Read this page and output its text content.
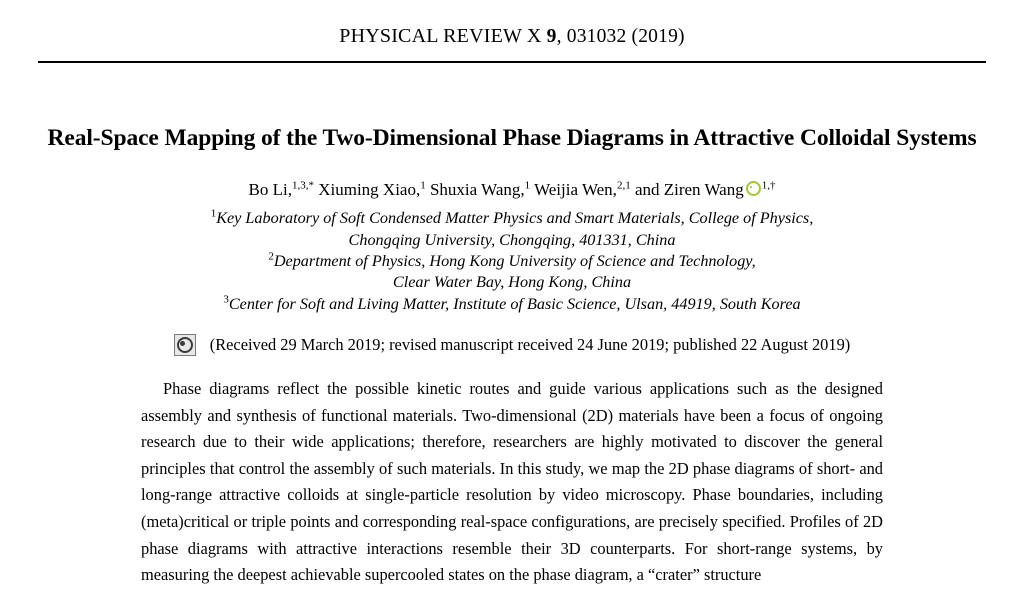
PHYSICAL REVIEW X 9, 031032 (2019)
Real-Space Mapping of the Two-Dimensional Phase Diagrams in Attractive Colloidal Systems
Bo Li,$^{1,3,*}$ Xiuming Xiao,$^1$ Shuxia Wang,$^1$ Weijia Wen,$^{2,1}$ and Ziren Wang $^{1,\dagger}$
$^1$Key Laboratory of Soft Condensed Matter Physics and Smart Materials, College of Physics,
Chongqing University, Chongqing, 401331, China
$^2$Department of Physics, Hong Kong University of Science and Technology,
Clear Water Bay, Hong Kong, China
$^3$Center for Soft and Living Matter, Institute of Basic Science, Ulsan, 44919, South Korea
(Received 29 March 2019; revised manuscript received 24 June 2019; published 22 August 2019)
Phase diagrams reflect the possible kinetic routes and guide various applications such as the designed assembly and synthesis of functional materials. Two-dimensional (2D) materials have been a focus of ongoing research due to their wide applications; therefore, researchers are highly motivated to discover the general principles that control the assembly of such materials. In this study, we map the 2D phase diagrams of short- and long-range attractive colloids at single-particle resolution by video microscopy. Phase boundaries, including (meta)critical or triple points and corresponding real-space configurations, are precisely specified. Profiles of 2D phase diagrams with attractive interactions resemble their 3D counterparts. For short-range systems, by measuring the deepest achievable supercooled states on the phase diagram, a “crater” structure
